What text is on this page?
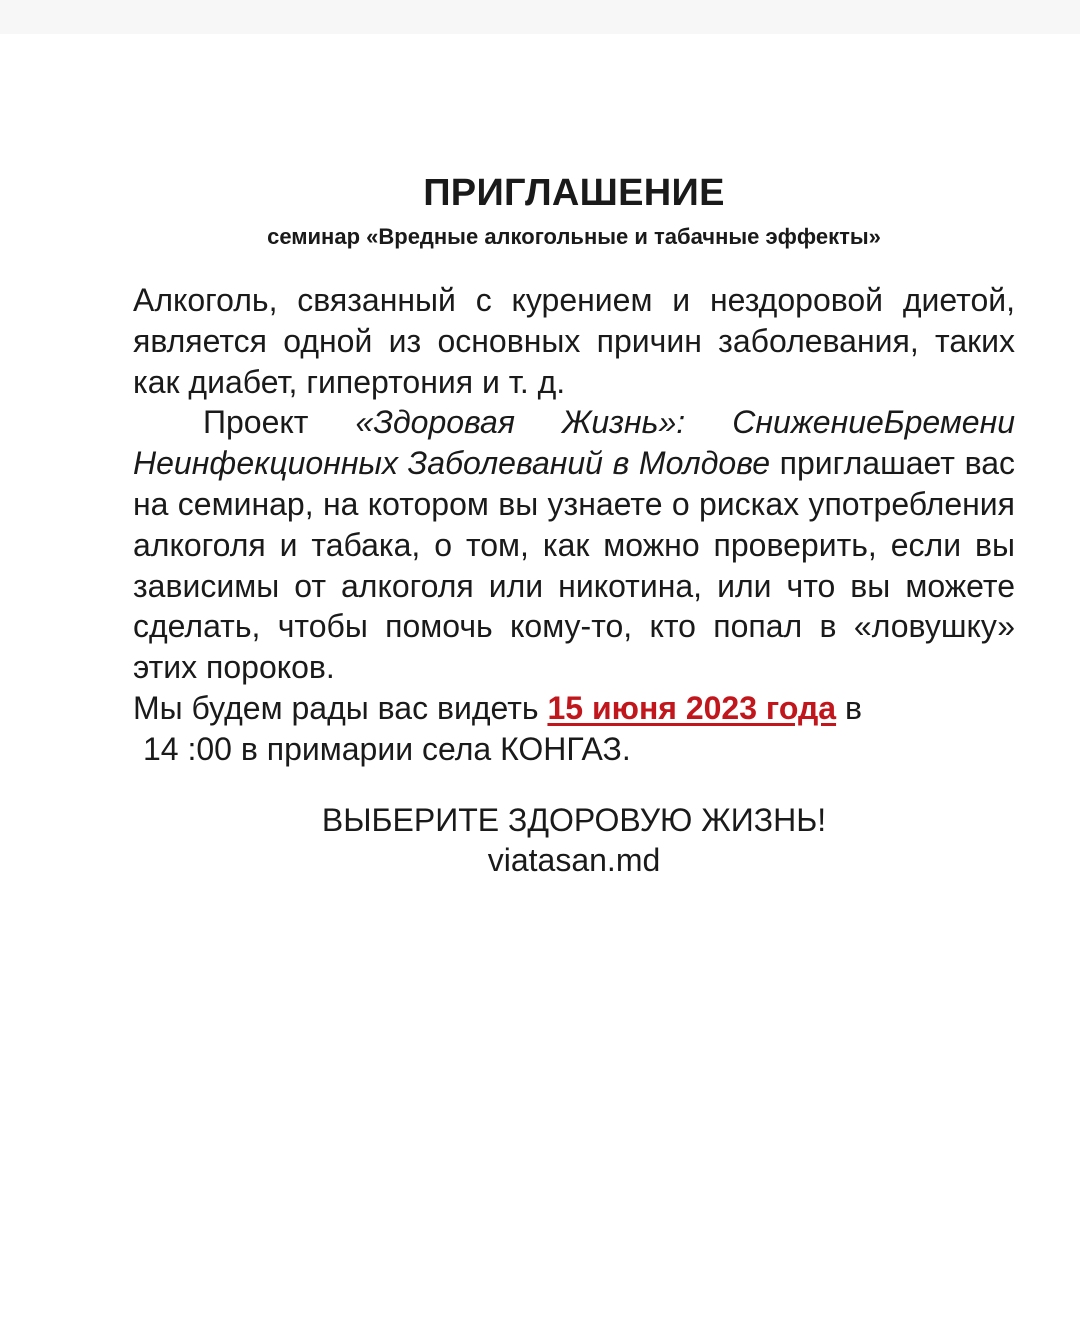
ПРИГЛАШЕНИЕ
семинар «Вредные алкогольные и табачные эффекты»

Алкоголь, связанный с курением и нездоровой диетой, является одной из основных причин заболевания, таких как диабет, гипертония и т. д.

Проект «Здоровая Жизнь»: СнижениеБремени Неинфекционных Заболеваний в Молдове приглашает вас на семинар, на котором вы узнаете о рисках употребления алкоголя и табака, о том, как можно проверить, если вы зависимы от алкоголя или никотина, или что вы можете сделать, чтобы помочь кому-то, кто попал в «ловушку» этих пороков.

Мы будем рады вас видеть 15 июня 2023 года в

14 :00 в примарии села КОНГАЗ.

ВЫБЕРИТЕ ЗДОРОВУЮ ЖИЗНЬ!
viatasan.md
